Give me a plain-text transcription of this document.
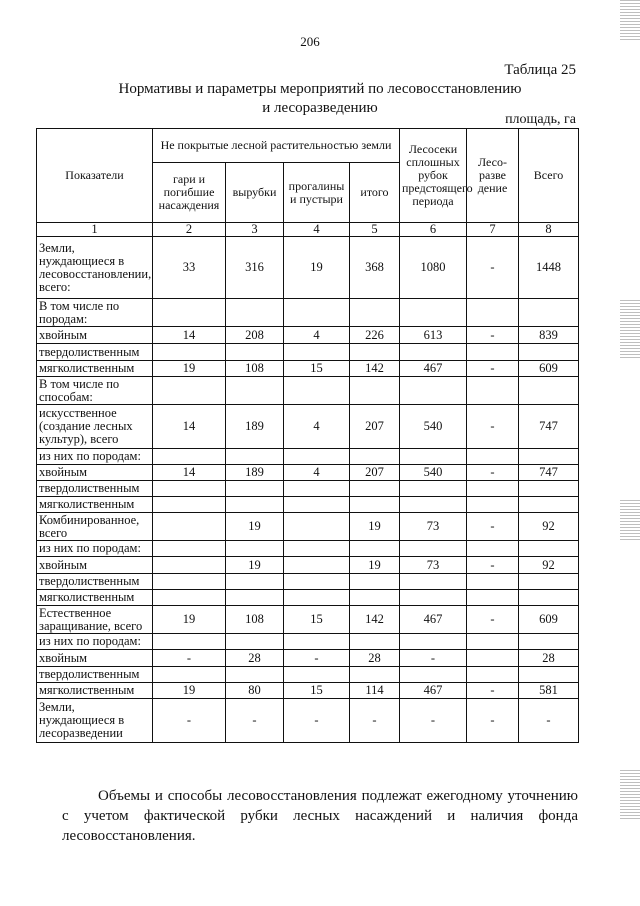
206
Таблица 25
Нормативы и параметры мероприятий по лесовосстановлению
и лесоразведению
площадь, га
Показатели	Не покрытые лесной растительностью земли				Лесосеки сплошных рубок предстоящего периода	Лесо-разве дение	Всего
	гари и погибшие насаждения	вырубки	прогалины и пустыри	итого			
1	2	3	4	5	6	7	8
Земли, нуждающиеся в лесовосстановлении, всего:	33	316	19	368	1080	-	1448
В том числе по породам:							
хвойным	14	208	4	226	613	-	839
твердолиственным							
мягколиственным	19	108	15	142	467	-	609
В том числе по способам:							
искусственное (создание лесных культур), всего	14	189	4	207	540	-	747
из них по породам:							
хвойным	14	189	4	207	540	-	747
твердолиственным							
мягколиственным							
Комбинированное, всего		19		19	73	-	92
из них по породам:							
хвойным		19		19	73	-	92
твердолиственным							
мягколиственным							
Естественное заращивание, всего	19	108	15	142	467	-	609
из них по породам:							
хвойным	-	28	-	28	-		28
твердолиственным							
мягколиственным	19	80	15	114	467	-	581
Земли, нуждающиеся в лесоразведении	-	-	-	-	-	-	-
Объемы и способы лесовосстановления подлежат ежегодному уточнению с учетом фактической рубки лесных насаждений и наличия фонда лесовосстановления.
